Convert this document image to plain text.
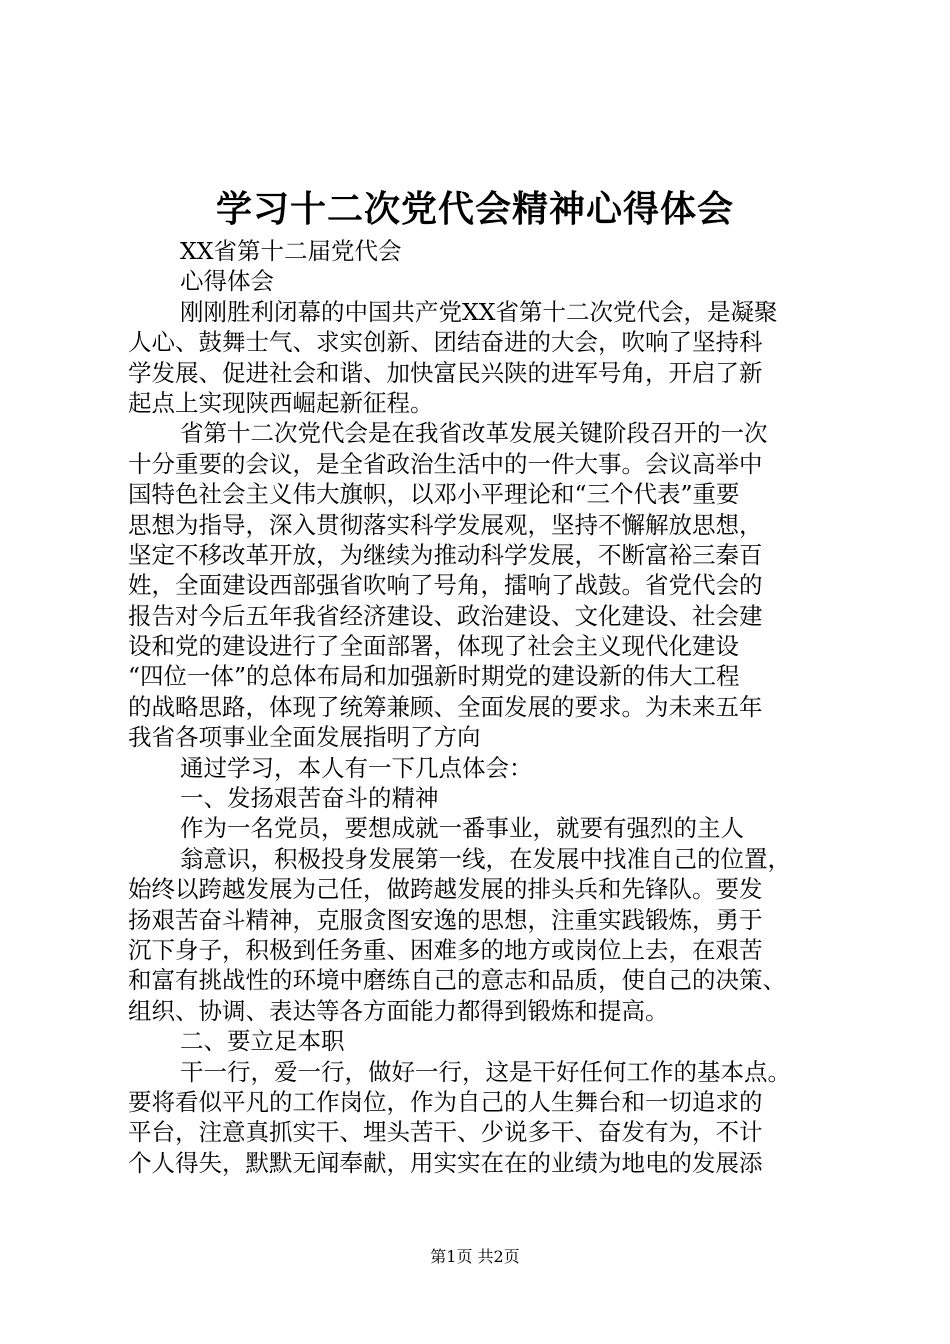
学习十二次党代会精神心得体会
XX省第十二届党代会
心得体会
刚刚胜利闭幕的中国共产党XX省第十二次党代会，是凝聚
人心、鼓舞士气、求实创新、团结奋进的大会，吹响了坚持科
学发展、促进社会和谐、加快富民兴陕的进军号角，开启了新
起点上实现陕西崛起新征程。
省第十二次党代会是在我省改革发展关键阶段召开的一次
十分重要的会议，是全省政治生活中的一件大事。会议高举中
国特色社会主义伟大旗帜，以邓小平理论和“三个代表”重要
思想为指导，深入贯彻落实科学发展观，坚持不懈解放思想，
坚定不移改革开放，为继续为推动科学发展，不断富裕三秦百
姓，全面建设西部强省吹响了号角，擂响了战鼓。省党代会的
报告对今后五年我省经济建设、政治建设、文化建设、社会建
设和党的建设进行了全面部署，体现了社会主义现代化建设
“四位一体”的总体布局和加强新时期党的建设新的伟大工程
的战略思路，体现了统筹兼顾、全面发展的要求。为未来五年
我省各项事业全面发展指明了方向
通过学习，本人有一下几点体会：
一、发扬艰苦奋斗的精神
作为一名党员，要想成就一番事业，就要有强烈的主人
翁意识，积极投身发展第一线，在发展中找准自己的位置，
始终以跨越发展为己任，做跨越发展的排头兵和先锋队。要发
扬艰苦奋斗精神，克服贪图安逸的思想，注重实践锻炼，勇于
沉下身子，积极到任务重、困难多的地方或岗位上去，在艰苦
和富有挑战性的环境中磨练自己的意志和品质，使自己的决策、
组织、协调、表达等各方面能力都得到锻炼和提高。
二、要立足本职
干一行，爱一行，做好一行，这是干好任何工作的基本点。
要将看似平凡的工作岗位，作为自己的人生舞台和一切追求的
平台，注意真抓实干、埋头苦干、少说多干、奋发有为，不计
个人得失，默默无闻奉献，用实实在在的业绩为地电的发展添
第1页 共2页
